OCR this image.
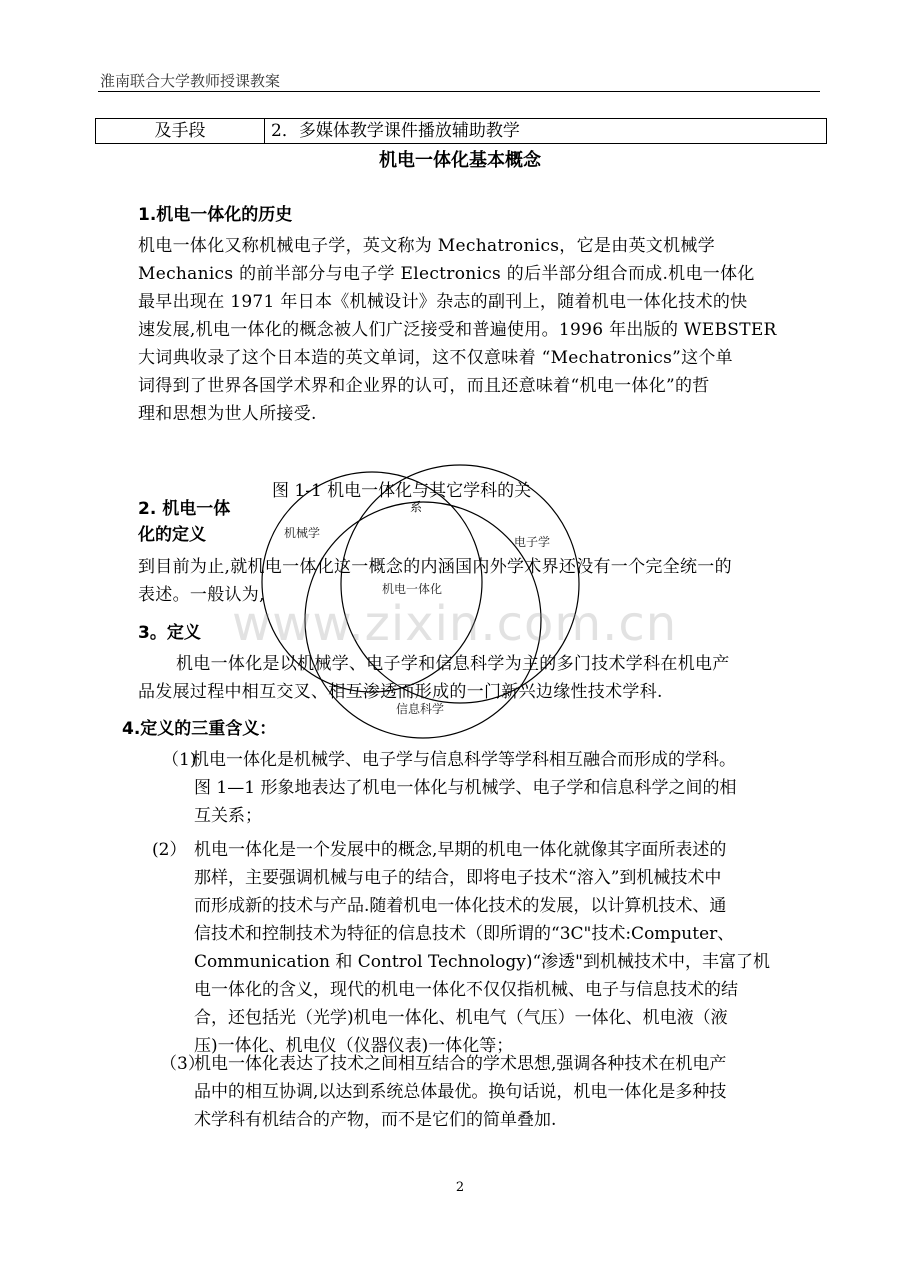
淮南联合大学教师授课教案
及手段	2．多媒体教学课件播放辅助教学
机电一体化基本概念
1.机电一体化的历史
机电一体化又称机械电子学，英文称为 Mechatronics，它是由英文机械学
Mechanics 的前半部分与电子学 Electronics 的后半部分组合而成.机电一体化
最早出现在 1971 年日本《机械设计》杂志的副刊上，随着机电一体化技术的快
速发展,机电一体化的概念被人们广泛接受和普遍使用。1996 年出版的 WEBSTER
大词典收录了这个日本造的英文单词，这不仅意味着 “Mechatronics”这个单
词得到了世界各国学术界和企业界的认可，而且还意味着“机电一体化”的哲
理和思想为世人所接受.
图 1-1 机电一体化与其它学科的关
系
2. 机电一体
化的定义
到目前为止,就机电一体化这一概念的内涵国内外学术界还没有一个完全统一的
表述。一般认为,
3。定义
机电一体化是以机械学、电子学和信息科学为主的多门技术学科在机电产
品发展过程中相互交叉、相互渗透而形成的一门新兴边缘性技术学科.
机械学
电子学
机电一体化
信息科学
www.zixin.com.cn
4.定义的三重含义：
（1)
机电一体化是机械学、电子学与信息科学等学科相互融合而形成的学科。
图 1—1 形象地表达了机电一体化与机械学、电子学和信息科学之间的相
互关系；
(2） 机电一体化是一个发展中的概念,早期的机电一体化就像其字面所表述的
那样，主要强调机械与电子的结合，即将电子技术“溶入”到机械技术中
而形成新的技术与产品.随着机电一体化技术的发展，以计算机技术、通
信技术和控制技术为特征的信息技术（即所谓的“3C"技术:Computer、
Communication 和 Control Technology)“渗透"到机械技术中，丰富了机
电一体化的含义，现代的机电一体化不仅仅指机械、电子与信息技术的结
合，还包括光（光学)机电一体化、机电气（气压）一体化、机电液（液
压)一体化、机电仪（仪器仪表)一体化等；
（3）
机电一体化表达了技术之间相互结合的学术思想,强调各种技术在机电产
品中的相互协调,以达到系统总体最优。换句话说，机电一体化是多种技
术学科有机结合的产物，而不是它们的简单叠加.
2
